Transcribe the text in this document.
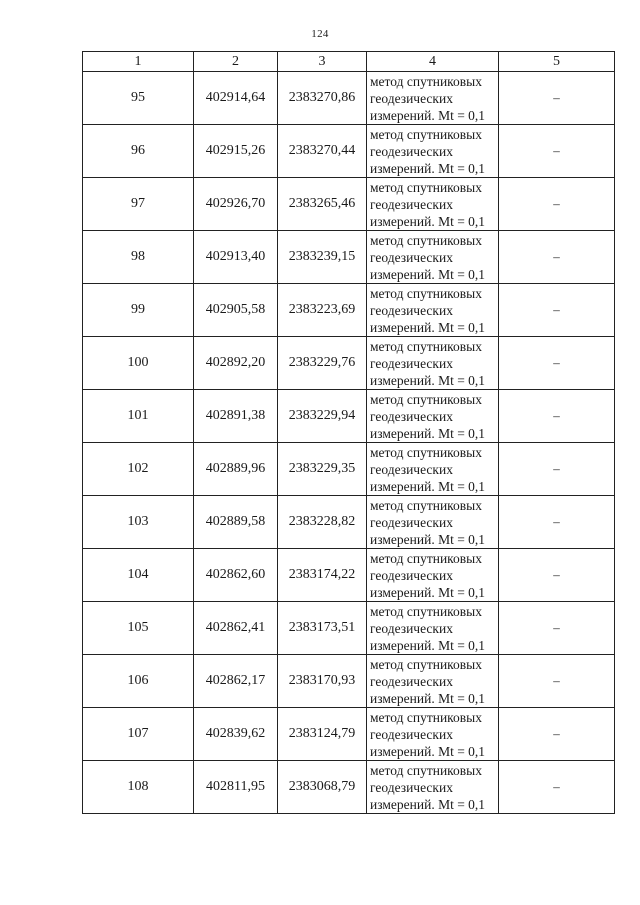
124
1	2	3	4	5
95	402914,64	2383270,86	метод спутниковых
геодезических
измерений. Mt = 0,1	–
96	402915,26	2383270,44	метод спутниковых
геодезических
измерений. Mt = 0,1	–
97	402926,70	2383265,46	метод спутниковых
геодезических
измерений. Mt = 0,1	–
98	402913,40	2383239,15	метод спутниковых
геодезических
измерений. Mt = 0,1	–
99	402905,58	2383223,69	метод спутниковых
геодезических
измерений. Mt = 0,1	–
100	402892,20	2383229,76	метод спутниковых
геодезических
измерений. Mt = 0,1	–
101	402891,38	2383229,94	метод спутниковых
геодезических
измерений. Mt = 0,1	–
102	402889,96	2383229,35	метод спутниковых
геодезических
измерений. Mt = 0,1	–
103	402889,58	2383228,82	метод спутниковых
геодезических
измерений. Mt = 0,1	–
104	402862,60	2383174,22	метод спутниковых
геодезических
измерений. Mt = 0,1	–
105	402862,41	2383173,51	метод спутниковых
геодезических
измерений. Mt = 0,1	–
106	402862,17	2383170,93	метод спутниковых
геодезических
измерений. Mt = 0,1	–
107	402839,62	2383124,79	метод спутниковых
геодезических
измерений. Mt = 0,1	–
108	402811,95	2383068,79	метод спутниковых
геодезических
измерений. Mt = 0,1	–
